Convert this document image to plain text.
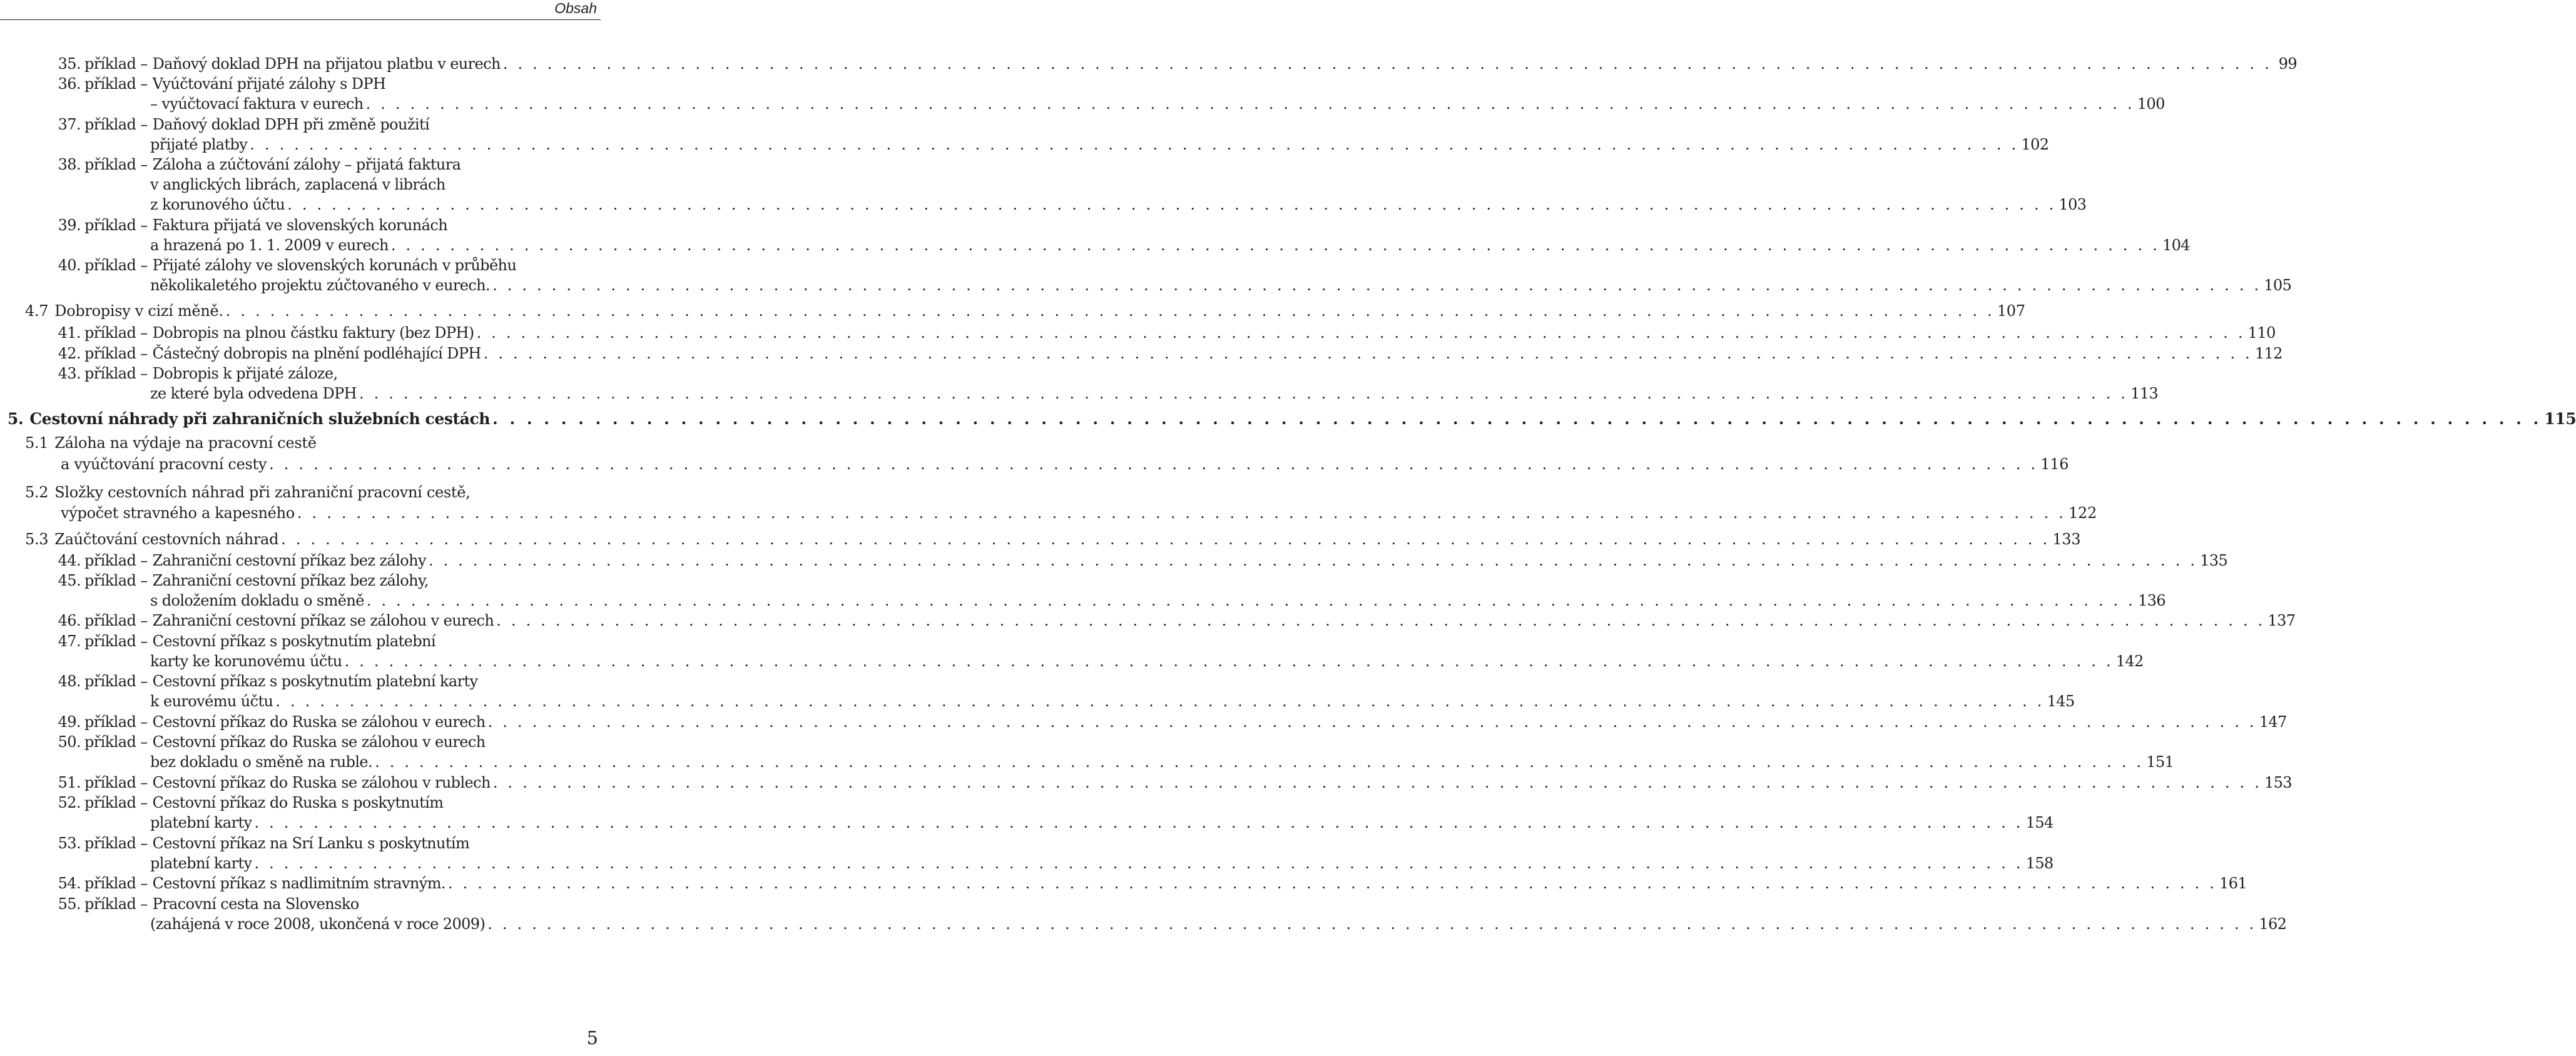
Obsah
35. příklad – Daňový doklad DPH na přijatou platbu v eurech . . . . . . . . . . . . . . . . . . . . . . . . . . . . . . . . . . . . . . . . . . . . . . . . . . . . . . . . . . . . . . . . . . . . . . . . . . . . . . . . . . . . . . . . . . . . . . . . . . . . . . . . . . . . . . . . . . . . . . . . 99
36. příklad – Vyúčtování přijaté zálohy s DPH
– vyúčtovací faktura v eurech . . . . . . . . . . . . . . . . . . . . . . . . . . . . . . . . . . . . . . . . . . . . . . . . . . . . . . . . . . . . . . . . . . . . . . . . . . . . . . . . . . . . . . . . . . . . . . . . . . . . . . . . . . . . . . . . . . . . . . . . 100
37. příklad – Daňový doklad DPH při změně použití
přijaté platby . . . . . . . . . . . . . . . . . . . . . . . . . . . . . . . . . . . . . . . . . . . . . . . . . . . . . . . . . . . . . . . . . . . . . . . . . . . . . . . . . . . . . . . . . . . . . . . . . . . . . . . . . . . . . . . . . . . . . . . . 102
38. příklad – Záloha a zúčtování zálohy – přijatá faktura
v anglických librách, zaplacená v librách
z korunového účtu . . . . . . . . . . . . . . . . . . . . . . . . . . . . . . . . . . . . . . . . . . . . . . . . . . . . . . . . . . . . . . . . . . . . . . . . . . . . . . . . . . . . . . . . . . . . . . . . . . . . . . . . . . . . . . . . . . . . . . . . 103
39. příklad – Faktura přijatá ve slovenských korunách
a hrazená po 1. 1. 2009 v eurech . . . . . . . . . . . . . . . . . . . . . . . . . . . . . . . . . . . . . . . . . . . . . . . . . . . . . . . . . . . . . . . . . . . . . . . . . . . . . . . . . . . . . . . . . . . . . . . . . . . . . . . . . . . . . . . . . . . . . . . . 104
40. příklad – Přijaté zálohy ve slovenských korunách v průběhu
několikaletého projektu zúčtovaného v eurech. . . . . . . . . . . . . . . . . . . . . . . . . . . . . . . . . . . . . . . . . . . . . . . . . . . . . . . . . . . . . . . . . . . . . . . . . . . . . . . . . . . . . . . . . . . . . . . . . . . . . . . . . . . . . . . . . . . . . . . . . 105
4.7 Dobropisy v cizí měně. . . . . . . . . . . . . . . . . . . . . . . . . . . . . . . . . . . . . . . . . . . . . . . . . . . . . . . . . . . . . . . . . . . . . . . . . . . . . . . . . . . . . . . . . . . . . . . . . . . . . . . . . . . . . . . . . . . . . . . . . 107
41. příklad – Dobropis na plnou částku faktury (bez DPH) . . . . . . . . . . . . . . . . . . . . . . . . . . . . . . . . . . . . . . . . . . . . . . . . . . . . . . . . . . . . . . . . . . . . . . . . . . . . . . . . . . . . . . . . . . . . . . . . . . . . . . . . . . . . . . . . . . . . . . . . 110
42. příklad – Částečný dobropis na plnění podléhající DPH . . . . . . . . . . . . . . . . . . . . . . . . . . . . . . . . . . . . . . . . . . . . . . . . . . . . . . . . . . . . . . . . . . . . . . . . . . . . . . . . . . . . . . . . . . . . . . . . . . . . . . . . . . . . . . . . . . . . . . . . 112
43. příklad – Dobropis k přijaté záloze,
ze které byla odvedena DPH . . . . . . . . . . . . . . . . . . . . . . . . . . . . . . . . . . . . . . . . . . . . . . . . . . . . . . . . . . . . . . . . . . . . . . . . . . . . . . . . . . . . . . . . . . . . . . . . . . . . . . . . . . . . . . . . . . . . . . . . 113
5. Cestovní náhrady při zahraničních služebních cestách . . . . . . . . . . . . . . . . . . . . . . . . . . . . . . . . . . . . . . . . . . . . . . . . . . . . . . . . . . . . . . . . . . . . . . . . . . . . . . . . . . . . . . . . . . . . . . . . . . . . . . . . . . . . . . . . . . . . . . . . 115
5.1 Záloha na výdaje na pracovní cestě
a vyúčtování pracovní cesty . . . . . . . . . . . . . . . . . . . . . . . . . . . . . . . . . . . . . . . . . . . . . . . . . . . . . . . . . . . . . . . . . . . . . . . . . . . . . . . . . . . . . . . . . . . . . . . . . . . . . . . . . . . . . . . . . . . . . . . . 116
5.2 Složky cestovních náhrad při zahraniční pracovní cestě,
výpočet stravného a kapesného . . . . . . . . . . . . . . . . . . . . . . . . . . . . . . . . . . . . . . . . . . . . . . . . . . . . . . . . . . . . . . . . . . . . . . . . . . . . . . . . . . . . . . . . . . . . . . . . . . . . . . . . . . . . . . . . . . . . . . . . 122
5.3 Zaúčtování cestovních náhrad . . . . . . . . . . . . . . . . . . . . . . . . . . . . . . . . . . . . . . . . . . . . . . . . . . . . . . . . . . . . . . . . . . . . . . . . . . . . . . . . . . . . . . . . . . . . . . . . . . . . . . . . . . . . . . . . . . . . . . . . 133
44. příklad – Zahraniční cestovní příkaz bez zálohy . . . . . . . . . . . . . . . . . . . . . . . . . . . . . . . . . . . . . . . . . . . . . . . . . . . . . . . . . . . . . . . . . . . . . . . . . . . . . . . . . . . . . . . . . . . . . . . . . . . . . . . . . . . . . . . . . . . . . . . . 135
45. příklad – Zahraniční cestovní příkaz bez zálohy,
s doložením dokladu o směně . . . . . . . . . . . . . . . . . . . . . . . . . . . . . . . . . . . . . . . . . . . . . . . . . . . . . . . . . . . . . . . . . . . . . . . . . . . . . . . . . . . . . . . . . . . . . . . . . . . . . . . . . . . . . . . . . . . . . . . . 136
46. příklad – Zahraniční cestovní příkaz se zálohou v eurech . . . . . . . . . . . . . . . . . . . . . . . . . . . . . . . . . . . . . . . . . . . . . . . . . . . . . . . . . . . . . . . . . . . . . . . . . . . . . . . . . . . . . . . . . . . . . . . . . . . . . . . . . . . . . . . . . . . . . . . . 137
47. příklad – Cestovní příkaz s poskytnutím platební
karty ke korunovému účtu . . . . . . . . . . . . . . . . . . . . . . . . . . . . . . . . . . . . . . . . . . . . . . . . . . . . . . . . . . . . . . . . . . . . . . . . . . . . . . . . . . . . . . . . . . . . . . . . . . . . . . . . . . . . . . . . . . . . . . . . 142
48. příklad – Cestovní příkaz s poskytnutím platební karty
k eurovému účtu . . . . . . . . . . . . . . . . . . . . . . . . . . . . . . . . . . . . . . . . . . . . . . . . . . . . . . . . . . . . . . . . . . . . . . . . . . . . . . . . . . . . . . . . . . . . . . . . . . . . . . . . . . . . . . . . . . . . . . . . 145
49. příklad – Cestovní příkaz do Ruska se zálohou v eurech . . . . . . . . . . . . . . . . . . . . . . . . . . . . . . . . . . . . . . . . . . . . . . . . . . . . . . . . . . . . . . . . . . . . . . . . . . . . . . . . . . . . . . . . . . . . . . . . . . . . . . . . . . . . . . . . . . . . . . . . 147
50. příklad – Cestovní příkaz do Ruska se zálohou v eurech
bez dokladu o směně na ruble. . . . . . . . . . . . . . . . . . . . . . . . . . . . . . . . . . . . . . . . . . . . . . . . . . . . . . . . . . . . . . . . . . . . . . . . . . . . . . . . . . . . . . . . . . . . . . . . . . . . . . . . . . . . . . . . . . . . . . . . . 151
51. příklad – Cestovní příkaz do Ruska se zálohou v rublech . . . . . . . . . . . . . . . . . . . . . . . . . . . . . . . . . . . . . . . . . . . . . . . . . . . . . . . . . . . . . . . . . . . . . . . . . . . . . . . . . . . . . . . . . . . . . . . . . . . . . . . . . . . . . . . . . . . . . . . . 153
52. příklad – Cestovní příkaz do Ruska s poskytnutím
platební karty . . . . . . . . . . . . . . . . . . . . . . . . . . . . . . . . . . . . . . . . . . . . . . . . . . . . . . . . . . . . . . . . . . . . . . . . . . . . . . . . . . . . . . . . . . . . . . . . . . . . . . . . . . . . . . . . . . . . . . . . 154
53. příklad – Cestovní příkaz na Srí Lanku s poskytnutím
platební karty . . . . . . . . . . . . . . . . . . . . . . . . . . . . . . . . . . . . . . . . . . . . . . . . . . . . . . . . . . . . . . . . . . . . . . . . . . . . . . . . . . . . . . . . . . . . . . . . . . . . . . . . . . . . . . . . . . . . . . . . 158
54. příklad – Cestovní příkaz s nadlimitním stravným. . . . . . . . . . . . . . . . . . . . . . . . . . . . . . . . . . . . . . . . . . . . . . . . . . . . . . . . . . . . . . . . . . . . . . . . . . . . . . . . . . . . . . . . . . . . . . . . . . . . . . . . . . . . . . . . . . . . . . . . . 161
55. příklad – Pracovní cesta na Slovensko
(zahájená v roce 2008, ukončená v roce 2009) . . . . . . . . . . . . . . . . . . . . . . . . . . . . . . . . . . . . . . . . . . . . . . . . . . . . . . . . . . . . . . . . . . . . . . . . . . . . . . . . . . . . . . . . . . . . . . . . . . . . . . . . . . . . . . . . . . . . . . . . 162
5
